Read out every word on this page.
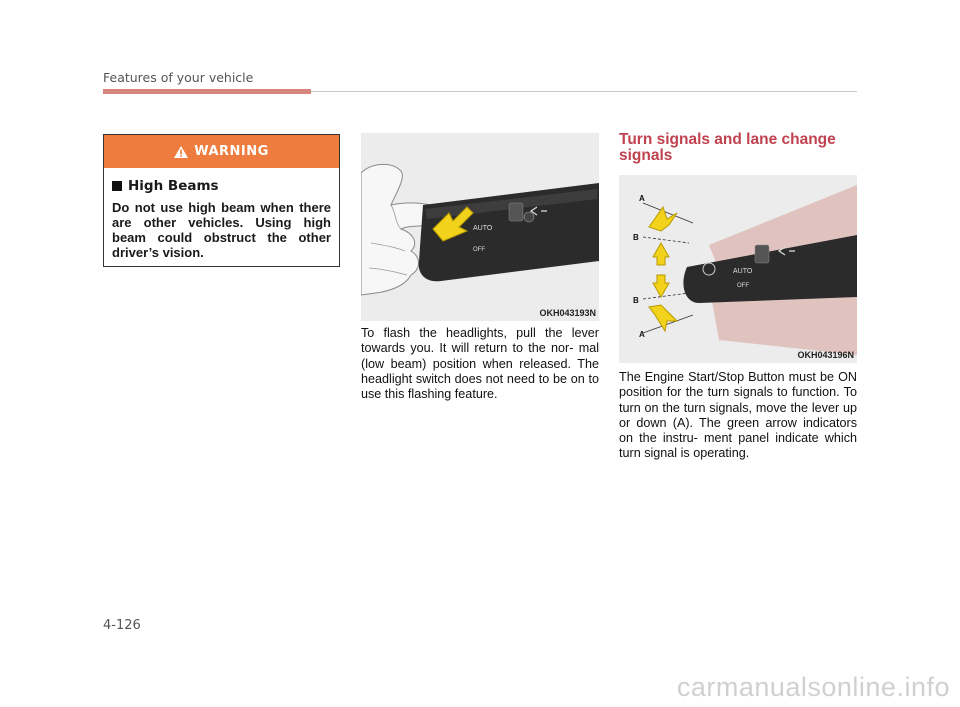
Features of your vehicle
WARNING
High Beams
Do not use high beam when there are other vehicles. Using high beam could obstruct the other driver’s vision.
AUTO
OFF
OKH043193N
To flash the headlights, pull the lever towards you. It will return to the nor- mal (low beam) position when released. The headlight switch does not need to be on to use this flashing feature.
Turn signals and lane change signals
AUTO
OFF
A
B
B
A
OKH043196N
The Engine Start/Stop Button must be ON position for the turn signals to function. To turn on the turn signals, move the lever up or down (A). The green arrow indicators on the instru- ment panel indicate which turn signal is operating.
4-126
carmanualsonline.info
